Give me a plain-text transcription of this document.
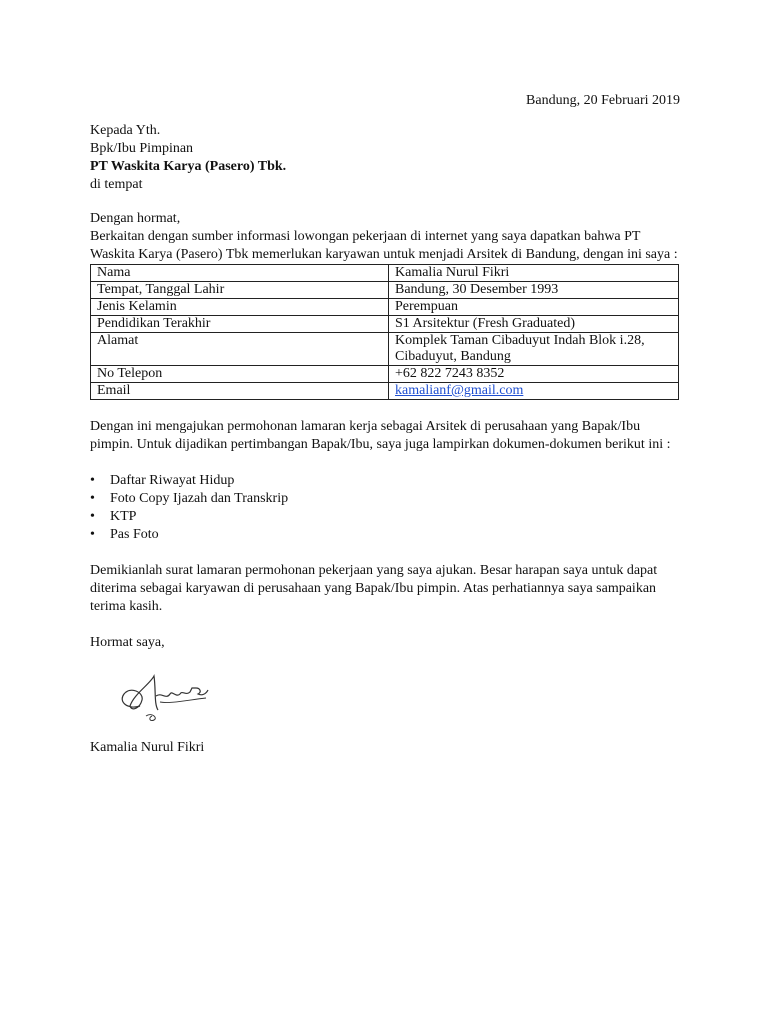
Bandung, 20 Februari 2019
Kepada Yth.
Bpk/Ibu Pimpinan
PT Waskita Karya (Pasero) Tbk.
di tempat
Dengan hormat,
Berkaitan dengan sumber informasi lowongan pekerjaan di internet yang saya dapatkan bahwa PT
Waskita Karya (Pasero) Tbk memerlukan karyawan untuk menjadi Arsitek di Bandung, dengan ini saya :
Nama	Kamalia Nurul Fikri
Tempat, Tanggal Lahir	Bandung, 30 Desember 1993
Jenis Kelamin	Perempuan
Pendidikan Terakhir	S1 Arsitektur (Fresh Graduated)
Alamat	Komplek Taman Cibaduyut Indah Blok i.28,
Cibaduyut, Bandung

No Telepon	+62 822 7243 8352
Email	kamalianf@gmail.com
Dengan ini mengajukan permohonan lamaran kerja sebagai Arsitek di perusahaan yang Bapak/Ibu
pimpin. Untuk dijadikan pertimbangan Bapak/Ibu, saya juga lampirkan dokumen-dokumen berikut ini :
• Daftar Riwayat Hidup
• Foto Copy Ijazah dan Transkrip
• KTP
• Pas Foto
Demikianlah surat lamaran permohonan pekerjaan yang saya ajukan. Besar harapan saya untuk dapat
diterima sebagai karyawan di perusahaan yang Bapak/Ibu pimpin. Atas perhatiannya saya sampaikan
terima kasih.
Hormat saya,
Kamalia Nurul Fikri
